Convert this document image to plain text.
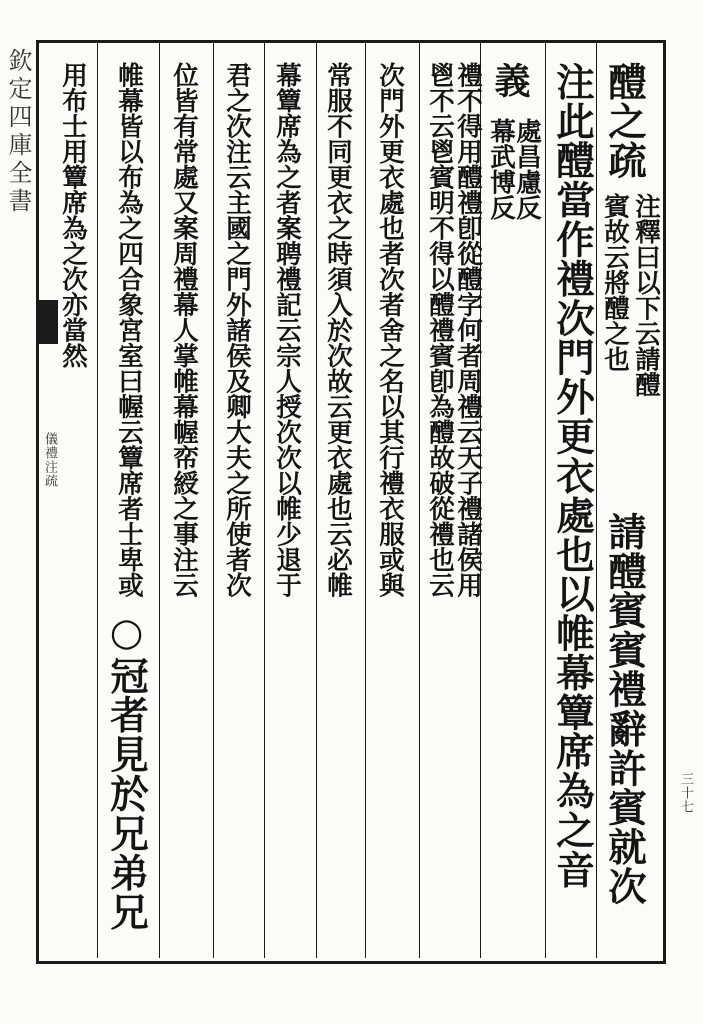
欽定四庫全書
儀禮注疏
三十七
醴之疏
注釋曰以下云請醴
賓故云將醴之也
請醴賓賓禮辭許賓就次
注此醴當作禮次門外更衣處也以帷幕簟席為之音
義
處昌慮反
幕武博反
禮不得用醴禮卽從醴字何者周禮云天子禮諸侯用
鬯不云鬯賓明不得以醴禮賓卽為醴故破從禮也云
次門外更衣處也者次者舍之名以其行禮衣服或與
常服不同更衣之時須入於次故云更衣處也云必帷
幕簟席為之者案聘禮記云宗人授次次以帷少退于
君之次注云主國之門外諸侯及卿大夫之所使者次
位皆有常處又案周禮幕人掌帷幕幄帟綬之事注云
帷幕皆以布為之四合象宮室曰幄云簟席者士卑或
○冠者見於兄弟兄
用布士用簟席為之次亦當然
